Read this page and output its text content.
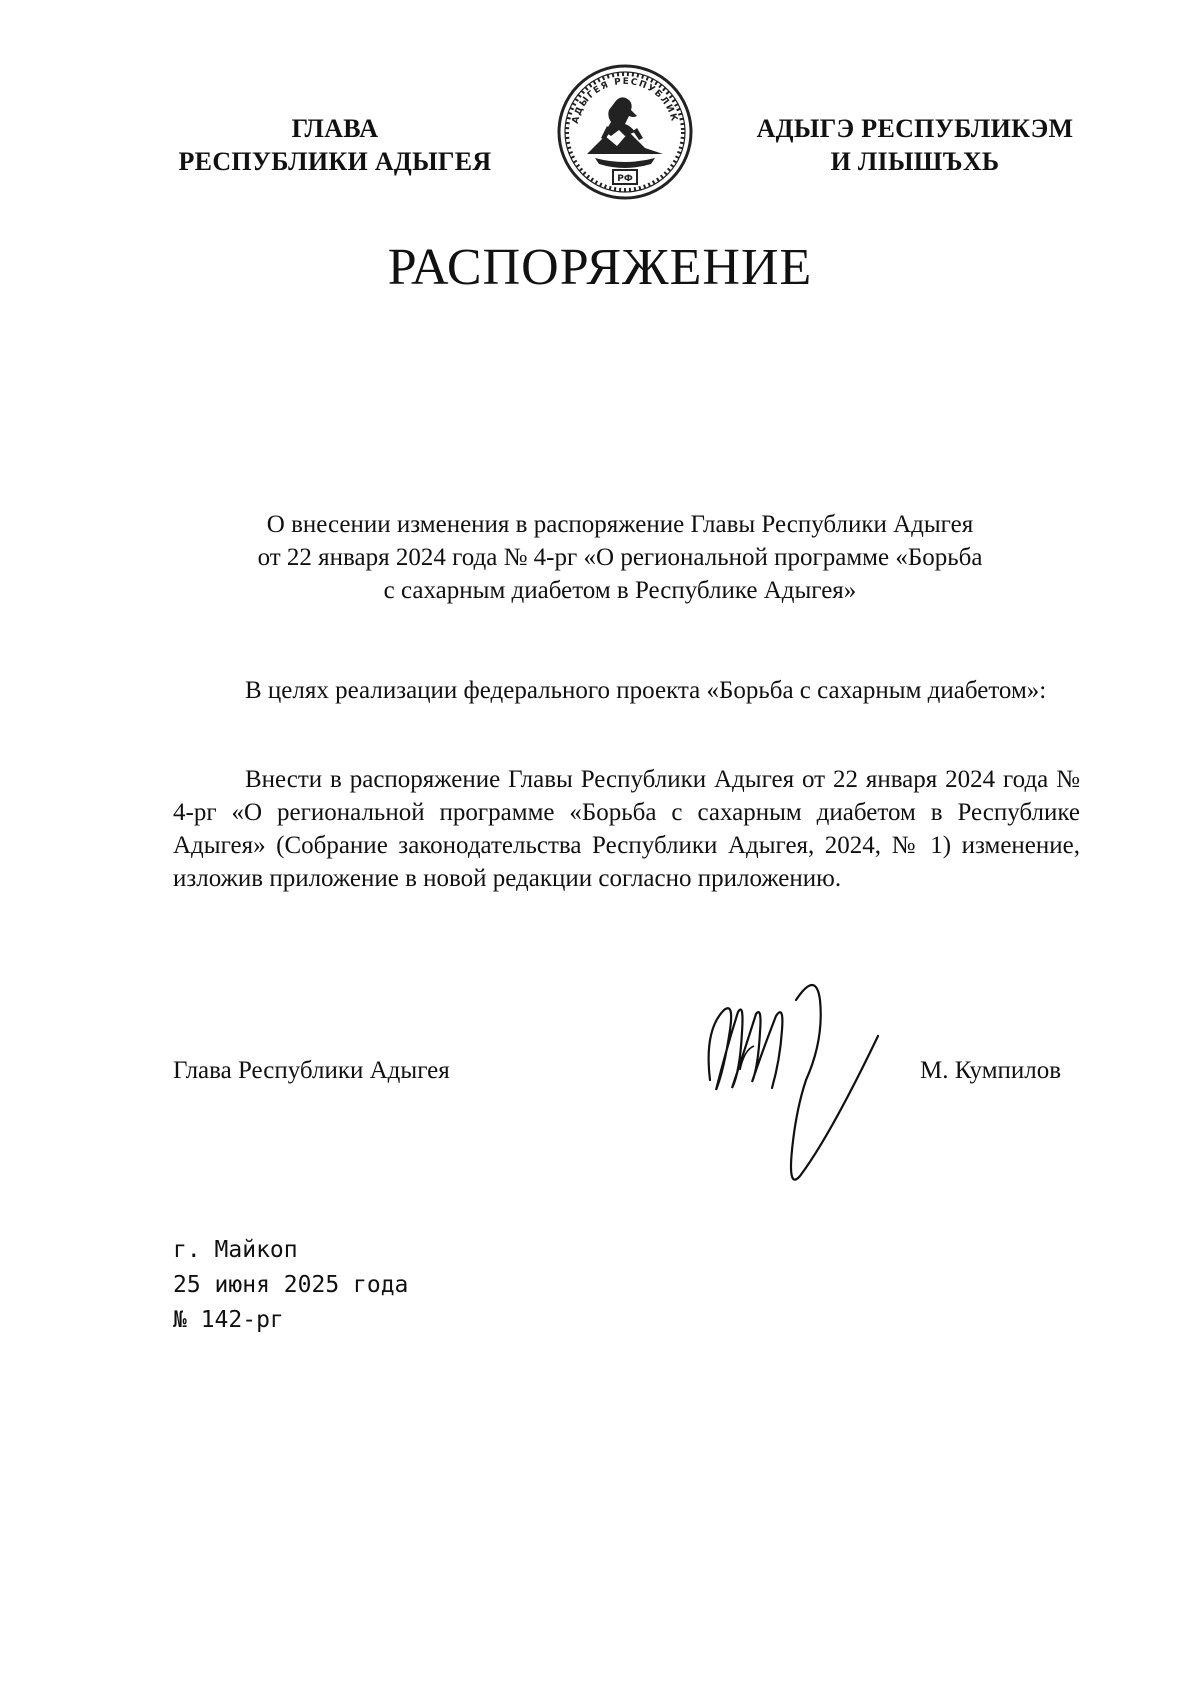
ГЛАВА
РЕСПУБЛИКИ АДЫГЕЯ
АДЫГЕЯ РЕСПУБЛИК
РФ
АДЫГЭ РЕСПУБЛИКЭМ
И ЛІЫШЪХЬ
РАСПОРЯЖЕНИЕ
О внесении изменения в распоряжение Главы Республики Адыгея
от 22 января 2024 года № 4-рг «О региональной программе «Борьба
с сахарным диабетом в Республике Адыгея»
В целях реализации федерального проекта «Борьба с сахарным диабетом»:
Внести в распоряжение Главы Республики Адыгея от 22 января 2024 года № 4-рг «О региональной программе «Борьба с сахарным диабетом в Республике Адыгея» (Собрание законодательства Республики Адыгея, 2024, № 1) изменение, изложив приложение в новой редакции согласно приложению.
Глава Республики Адыгея	М. Кумпилов
г. Майкоп
25 июня 2025 года
№ 142-рг
